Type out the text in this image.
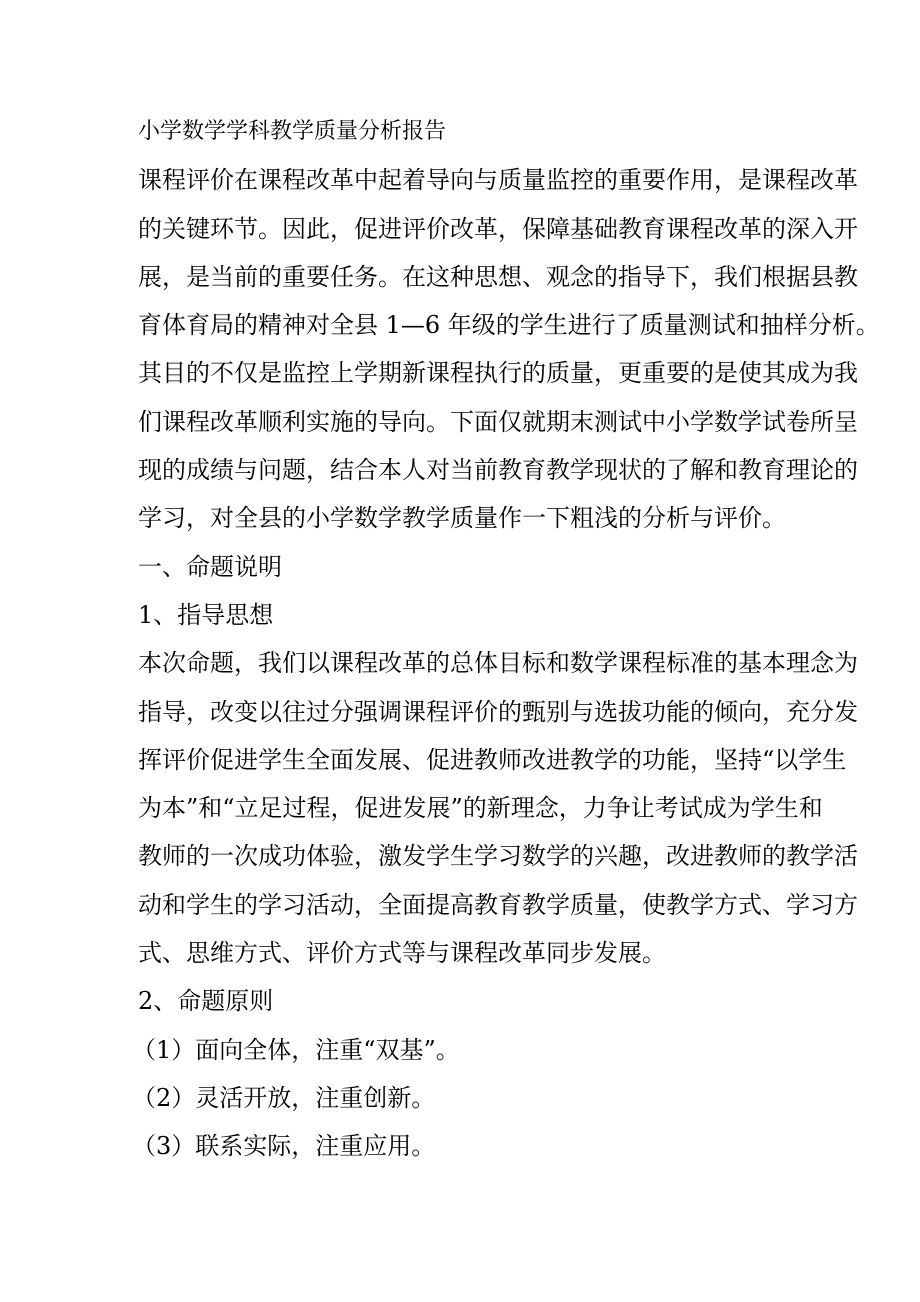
小学数学学科教学质量分析报告
课程评价在课程改革中起着导向与质量监控的重要作用，是课程改革
的关键环节。因此，促进评价改革，保障基础教育课程改革的深入开
展，是当前的重要任务。在这种思想、观念的指导下，我们根据县教
育体育局的精神对全县 1—6 年级的学生进行了质量测试和抽样分析。
其目的不仅是监控上学期新课程执行的质量，更重要的是使其成为我
们课程改革顺利实施的导向。下面仅就期末测试中小学数学试卷所呈
现的成绩与问题，结合本人对当前教育教学现状的了解和教育理论的
学习，对全县的小学数学教学质量作一下粗浅的分析与评价。
一、命题说明
1、指导思想
本次命题，我们以课程改革的总体目标和数学课程标准的基本理念为
指导，改变以往过分强调课程评价的甄别与选拔功能的倾向，充分发
挥评价促进学生全面发展、促进教师改进教学的功能，坚持“以学生
为本”和“立足过程，促进发展”的新理念，力争让考试成为学生和
教师的一次成功体验，激发学生学习数学的兴趣，改进教师的教学活
动和学生的学习活动，全面提高教育教学质量，使教学方式、学习方
式、思维方式、评价方式等与课程改革同步发展。
2、命题原则
（1）面向全体，注重“双基”。
（2）灵活开放，注重创新。
（3）联系实际，注重应用。
